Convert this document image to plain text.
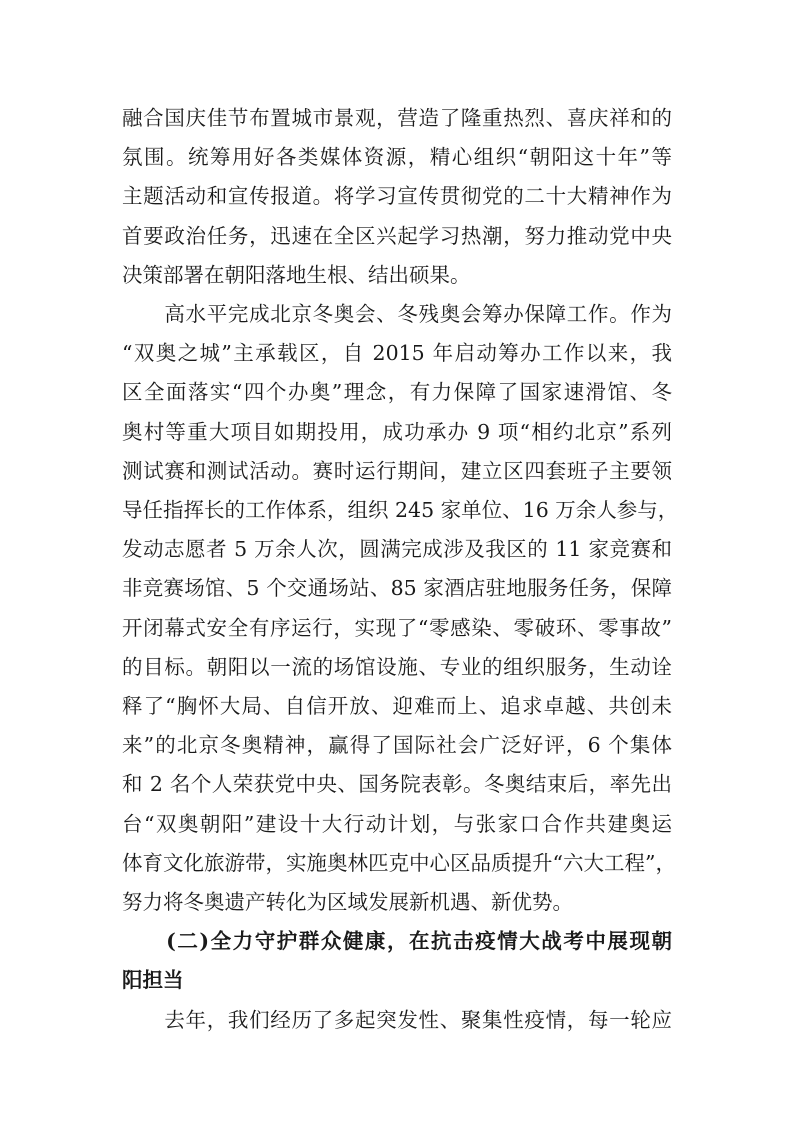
融合国庆佳节布置城市景观，营造了隆重热烈、喜庆祥和的
氛围。统筹用好各类媒体资源，精心组织“朝阳这十年”等
主题活动和宣传报道。将学习宣传贯彻党的二十大精神作为
首要政治任务，迅速在全区兴起学习热潮，努力推动党中央
决策部署在朝阳落地生根、结出硕果。
　　高水平完成北京冬奥会、冬残奥会筹办保障工作。作为
“双奥之城”主承载区，自 2015 年启动筹办工作以来，我
区全面落实“四个办奥”理念，有力保障了国家速滑馆、冬
奥村等重大项目如期投用，成功承办 9 项“相约北京”系列
测试赛和测试活动。赛时运行期间，建立区四套班子主要领
导任指挥长的工作体系，组织 245 家单位、16 万余人参与，
发动志愿者 5 万余人次，圆满完成涉及我区的 11 家竞赛和
非竞赛场馆、5 个交通场站、85 家酒店驻地服务任务，保障
开闭幕式安全有序运行，实现了“零感染、零破环、零事故”
的目标。朝阳以一流的场馆设施、专业的组织服务，生动诠
释了“胸怀大局、自信开放、迎难而上、追求卓越、共创未
来”的北京冬奥精神，赢得了国际社会广泛好评，6 个集体
和 2 名个人荣获党中央、国务院表彰。冬奥结束后，率先出
台“双奥朝阳”建设十大行动计划，与张家口合作共建奥运
体育文化旅游带，实施奥林匹克中心区品质提升“六大工程”，
努力将冬奥遗产转化为区域发展新机遇、新优势。
　　(二)全力守护群众健康，在抗击疫情大战考中展现朝
阳担当
　　去年，我们经历了多起突发性、聚集性疫情，每一轮应
